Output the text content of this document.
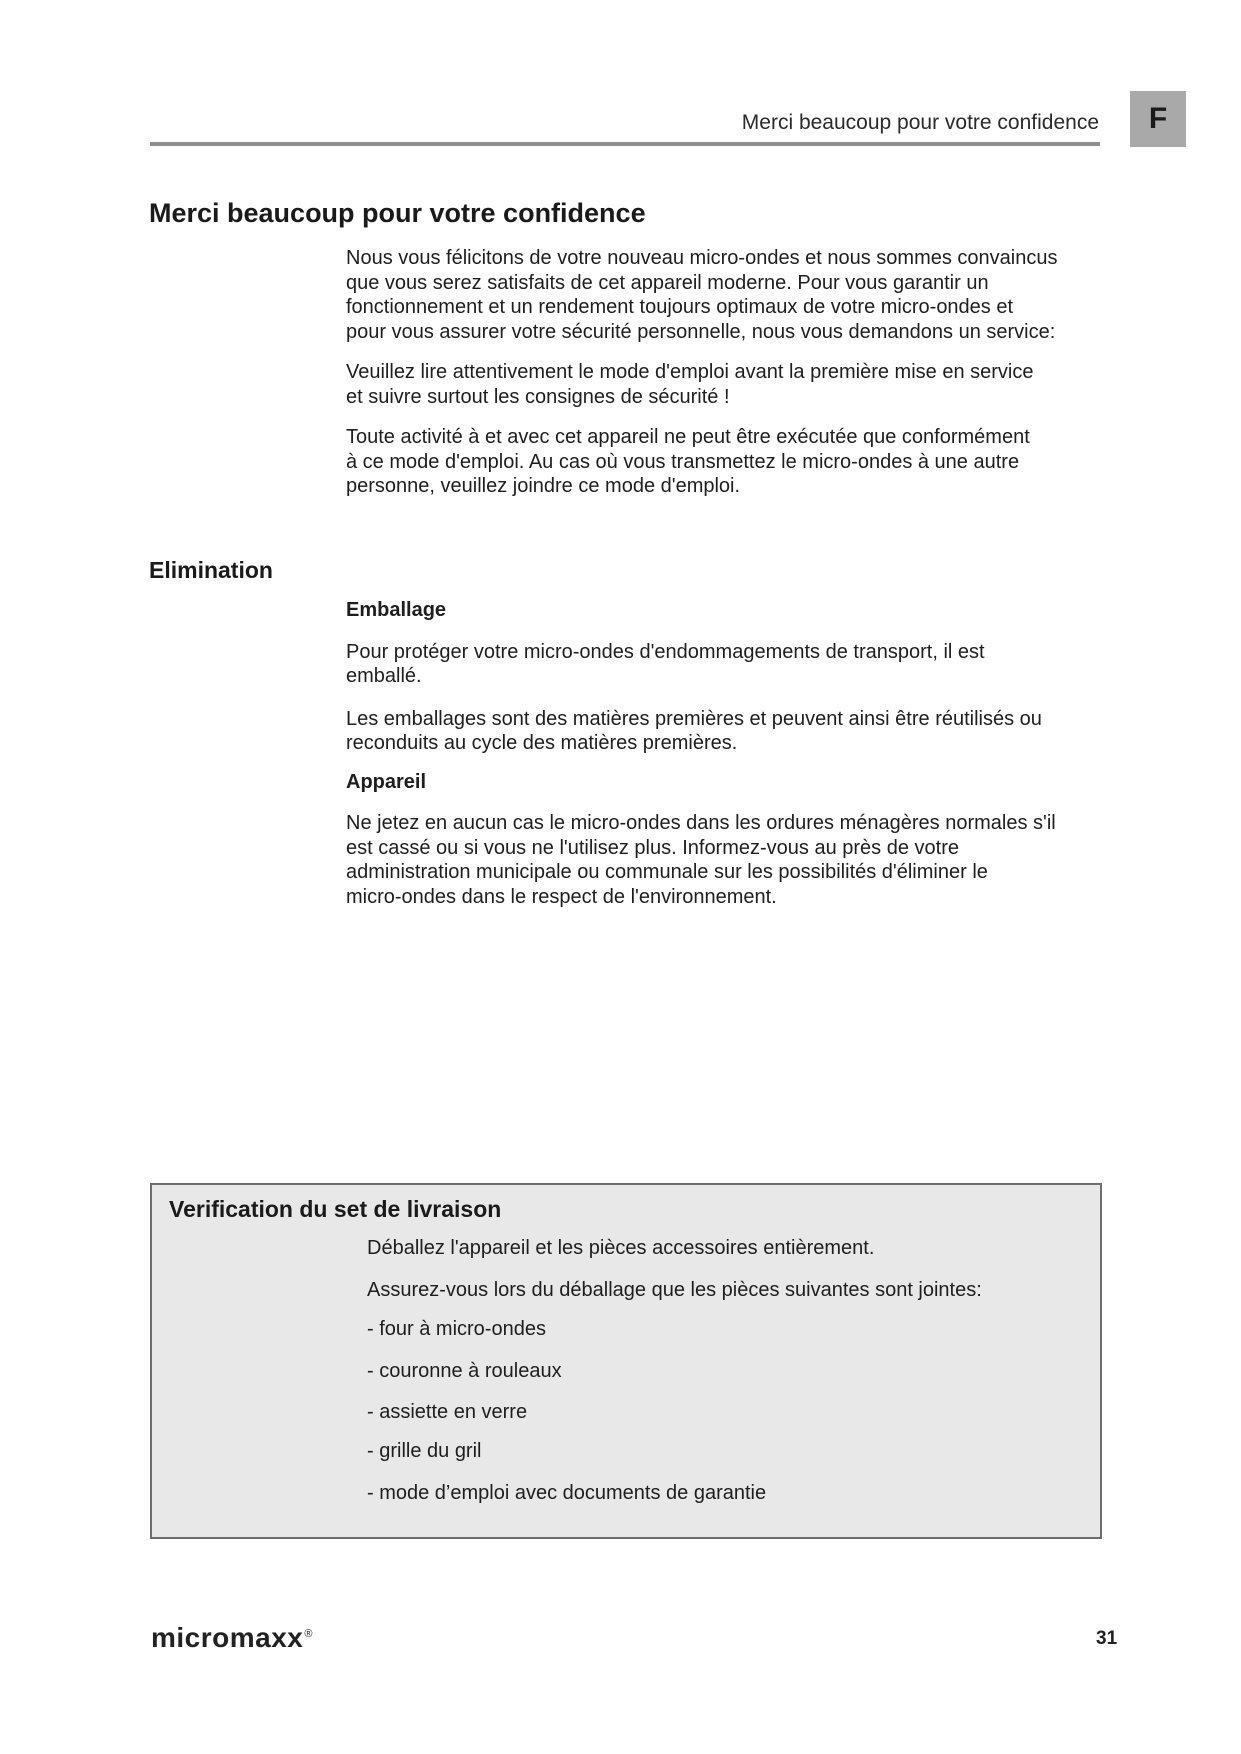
Merci beaucoup pour votre confidence	F
Merci beaucoup pour votre confidence

Nous vous félicitons de votre nouveau micro-ondes et nous sommes convaincus
que vous serez satisfaits de cet appareil moderne. Pour vous garantir un
fonctionnement et un rendement toujours optimaux de votre micro-ondes et
pour vous assurer votre sécurité personnelle, nous vous demandons un service:

Veuillez lire attentivement le mode d'emploi avant la première mise en service
et suivre surtout les consignes de sécurité !

Toute activité à et avec cet appareil ne peut être exécutée que conformément
à ce mode d'emploi. Au cas où vous transmettez le micro-ondes à une autre
personne, veuillez joindre ce mode d'emploi.

Elimination

Emballage

Pour protéger votre micro-ondes d'endommagements de transport, il est
emballé.

Les emballages sont des matières premières et peuvent ainsi être réutilisés ou
reconduits au cycle des matières premières.

Appareil

Ne jetez en aucun cas le micro-ondes dans les ordures ménagères normales s'il
est cassé ou si vous ne l'utilisez plus. Informez-vous au près de votre
administration municipale ou communale sur les possibilités d'éliminer le
micro-ondes dans le respect de l'environnement.

Verification du set de livraison

Déballez l'appareil et les pièces accessoires entièrement.

Assurez-vous lors du déballage que les pièces suivantes sont jointes:

- four à micro-ondes

- couronne à rouleaux

- assiette en verre

- grille du gril

- mode d’emploi avec documents de garantie

micromaxx®	31
